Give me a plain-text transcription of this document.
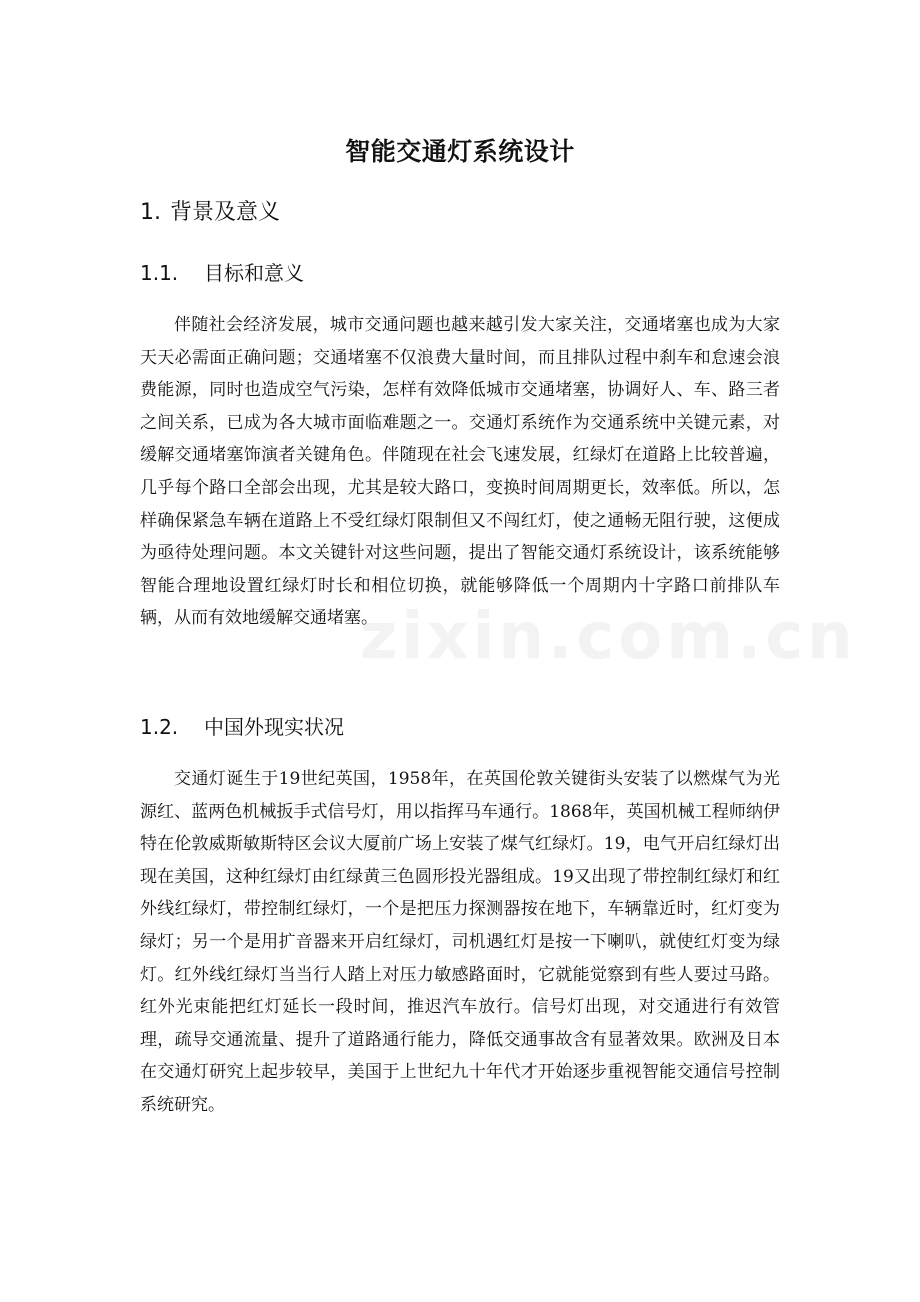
zixin.com.cn
智能交通灯系统设计
1. 背景及意义
1.1. 目标和意义

伴随社会经济发展，城市交通问题也越来越引发大家关注，交通堵塞也成为大家天天必需面正确问题；交通堵塞不仅浪费大量时间，而且排队过程中刹车和怠速会浪费能源，同时也造成空气污染，怎样有效降低城市交通堵塞，协调好人、车、路三者之间关系，已成为各大城市面临难题之一。交通灯系统作为交通系统中关键元素，对缓解交通堵塞饰演者关键角色。伴随现在社会飞速发展，红绿灯在道路上比较普遍，几乎每个路口全部会出现，尤其是较大路口，变换时间周期更长，效率低。所以，怎样确保紧急车辆在道路上不受红绿灯限制但又不闯红灯，使之通畅无阻行驶，这便成为亟待处理问题。本文关键针对这些问题，提出了智能交通灯系统设计，该系统能够智能合理地设置红绿灯时长和相位切换，就能够降低一个周期内十字路口前排队车辆，从而有效地缓解交通堵塞。

1.2. 中国外现实状况

交通灯诞生于19世纪英国，1958年，在英国伦敦关键街头安装了以燃煤气为光源红、蓝两色机械扳手式信号灯，用以指挥马车通行。1868年，英国机械工程师纳伊特在伦敦威斯敏斯特区会议大厦前广场上安装了煤气红绿灯。19，电气开启红绿灯出现在美国，这种红绿灯由红绿黄三色圆形投光器组成。19又出现了带控制红绿灯和红外线红绿灯，带控制红绿灯，一个是把压力探测器按在地下，车辆靠近时，红灯变为绿灯；另一个是用扩音器来开启红绿灯，司机遇红灯是按一下喇叭，就使红灯变为绿灯。红外线红绿灯当当行人踏上对压力敏感路面时，它就能觉察到有些人要过马路。红外光束能把红灯延长一段时间，推迟汽车放行。信号灯出现，对交通进行有效管理，疏导交通流量、提升了道路通行能力，降低交通事故含有显著效果。欧洲及日本在交通灯研究上起步较早，美国于上世纪九十年代才开始逐步重视智能交通信号控制系统研究。
